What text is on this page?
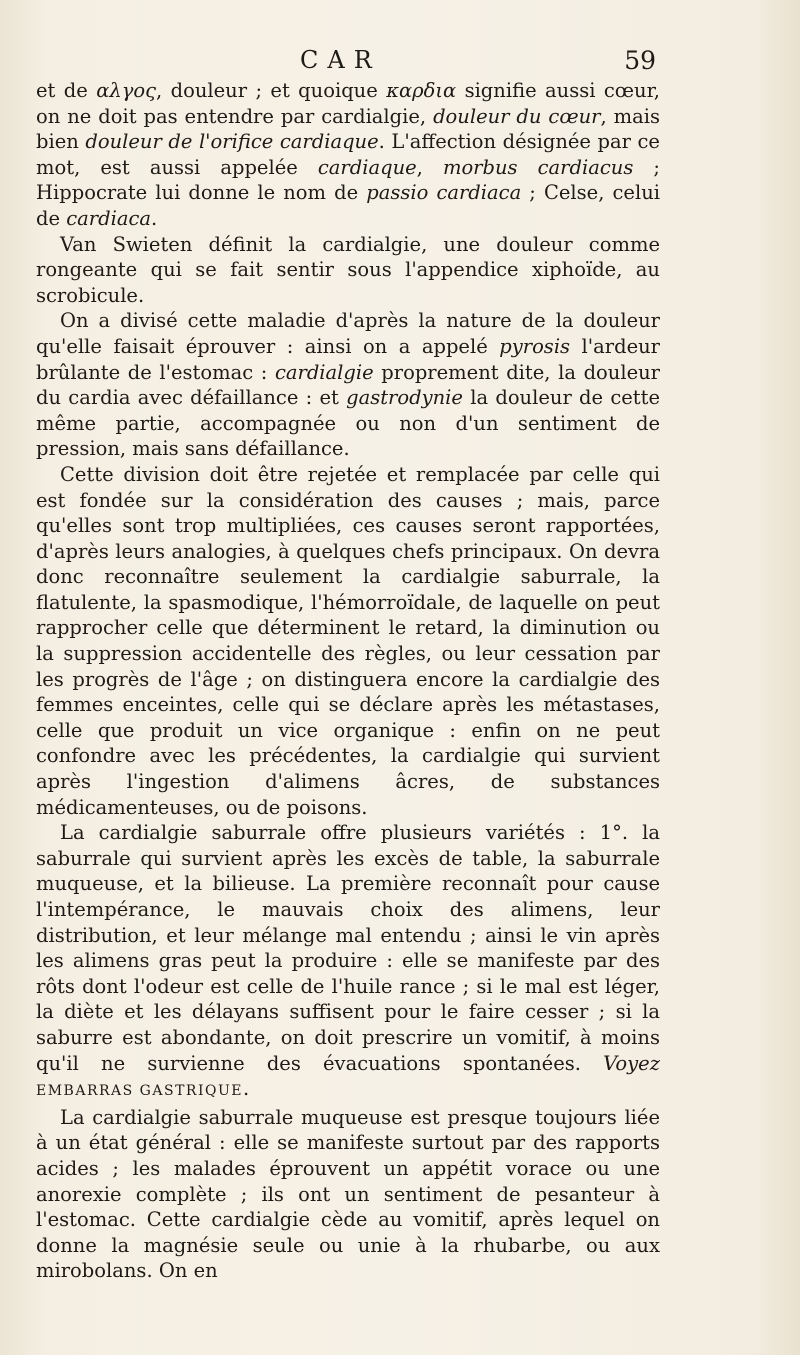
CAR	59

et de αλγος, douleur ; et quoique καρδια signifie aussi cœur, on ne doit pas entendre par cardialgie, douleur du cœur, mais bien douleur de l'orifice cardiaque. L'affection désignée par ce mot, est aussi appelée cardiaque, morbus cardiacus ; Hippocrate lui donne le nom de passio cardiaca ; Celse, celui de cardiaca.

Van Swieten définit la cardialgie, une douleur comme rongeante qui se fait sentir sous l'appendice xiphoïde, au scrobicule.

On a divisé cette maladie d'après la nature de la douleur qu'elle faisait éprouver : ainsi on a appelé pyrosis l'ardeur brûlante de l'estomac : cardialgie proprement dite, la douleur du cardia avec défaillance : et gastrodynie la douleur de cette même partie, accompagnée ou non d'un sentiment de pression, mais sans défaillance.

Cette division doit être rejetée et remplacée par celle qui est fondée sur la considération des causes ; mais, parce qu'elles sont trop multipliées, ces causes seront rapportées, d'après leurs analogies, à quelques chefs principaux. On devra donc reconnaître seulement la cardialgie saburrale, la flatulente, la spasmodique, l'hémorroïdale, de laquelle on peut rapprocher celle que déterminent le retard, la diminution ou la suppression accidentelle des règles, ou leur cessation par les progrès de l'âge ; on distinguera encore la cardialgie des femmes enceintes, celle qui se déclare après les métastases, celle que produit un vice organique : enfin on ne peut confondre avec les précédentes, la cardialgie qui survient après l'ingestion d'alimens âcres, de substances médicamenteuses, ou de poisons.

La cardialgie saburrale offre plusieurs variétés : 1°. la saburrale qui survient après les excès de table, la saburrale muqueuse, et la bilieuse. La première reconnaît pour cause l'intempérance, le mauvais choix des alimens, leur distribution, et leur mélange mal entendu ; ainsi le vin après les alimens gras peut la produire : elle se manifeste par des rôts dont l'odeur est celle de l'huile rance ; si le mal est léger, la diète et les délayans suffisent pour le faire cesser ; si la saburre est abondante, on doit prescrire un vomitif, à moins qu'il ne survienne des évacuations spontanées. Voyez EMBARRAS GASTRIQUE.

La cardialgie saburrale muqueuse est presque toujours liée à un état général : elle se manifeste surtout par des rapports acides ; les malades éprouvent un appétit vorace ou une anorexie complète ; ils ont un sentiment de pesanteur à l'estomac. Cette cardialgie cède au vomitif, après lequel on donne la magnésie seule ou unie à la rhubarbe, ou aux mirobolans. On en
